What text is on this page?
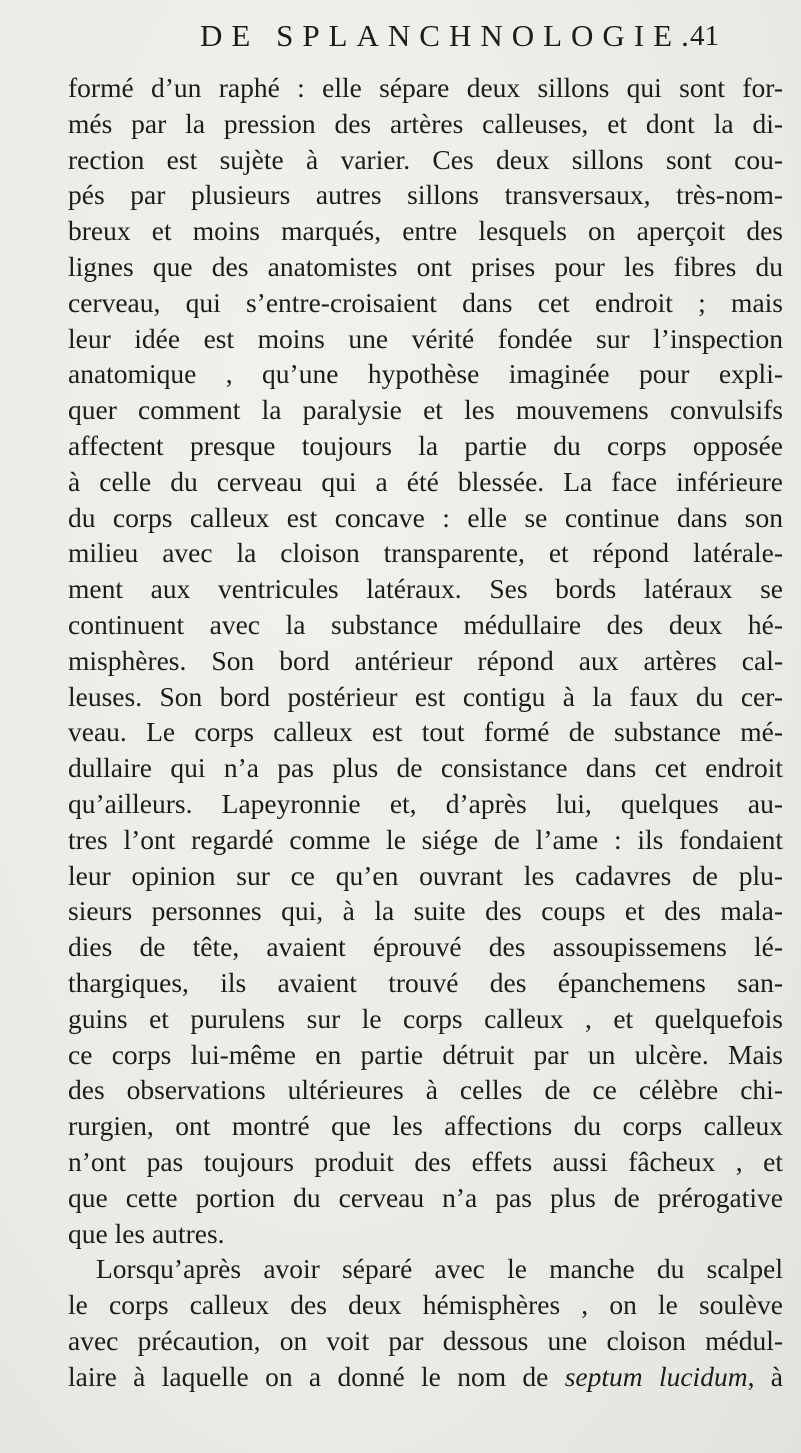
DE SPLANCHNOLOGIE.
41
formé d’un raphé : elle sépare deux sillons qui sont for-
més par la pression des artères calleuses, et dont la di-
rection est sujète à varier. Ces deux sillons sont cou-
pés par plusieurs autres sillons transversaux, très-nom-
breux et moins marqués, entre lesquels on aperçoit des
lignes que des anatomistes ont prises pour les fibres du
cerveau, qui s’entre-croisaient dans cet endroit ; mais
leur idée est moins une vérité fondée sur l’inspection
anatomique , qu’une hypothèse imaginée pour expli-
quer comment la paralysie et les mouvemens convulsifs
affectent presque toujours la partie du corps opposée
à celle du cerveau qui a été blessée. La face inférieure
du corps calleux est concave : elle se continue dans son
milieu avec la cloison transparente, et répond latérale-
ment aux ventricules latéraux. Ses bords latéraux se
continuent avec la substance médullaire des deux hé-
misphères. Son bord antérieur répond aux artères cal-
leuses. Son bord postérieur est contigu à la faux du cer-
veau. Le corps calleux est tout formé de substance mé-
dullaire qui n’a pas plus de consistance dans cet endroit
qu’ailleurs. Lapeyronnie et, d’après lui, quelques au-
tres l’ont regardé comme le siége de l’ame : ils fondaient
leur opinion sur ce qu’en ouvrant les cadavres de plu-
sieurs personnes qui, à la suite des coups et des mala-
dies de tête, avaient éprouvé des assoupissemens lé-
thargiques, ils avaient trouvé des épanchemens san-
guins et purulens sur le corps calleux , et quelquefois
ce corps lui-même en partie détruit par un ulcère. Mais
des observations ultérieures à celles de ce célèbre chi-
rurgien, ont montré que les affections du corps calleux
n’ont pas toujours produit des effets aussi fâcheux , et
que cette portion du cerveau n’a pas plus de prérogative
que les autres.
Lorsqu’après avoir séparé avec le manche du scalpel
le corps calleux des deux hémisphères , on le soulève
avec précaution, on voit par dessous une cloison médul-
laire à laquelle on a donné le nom de septum lucidum, à
